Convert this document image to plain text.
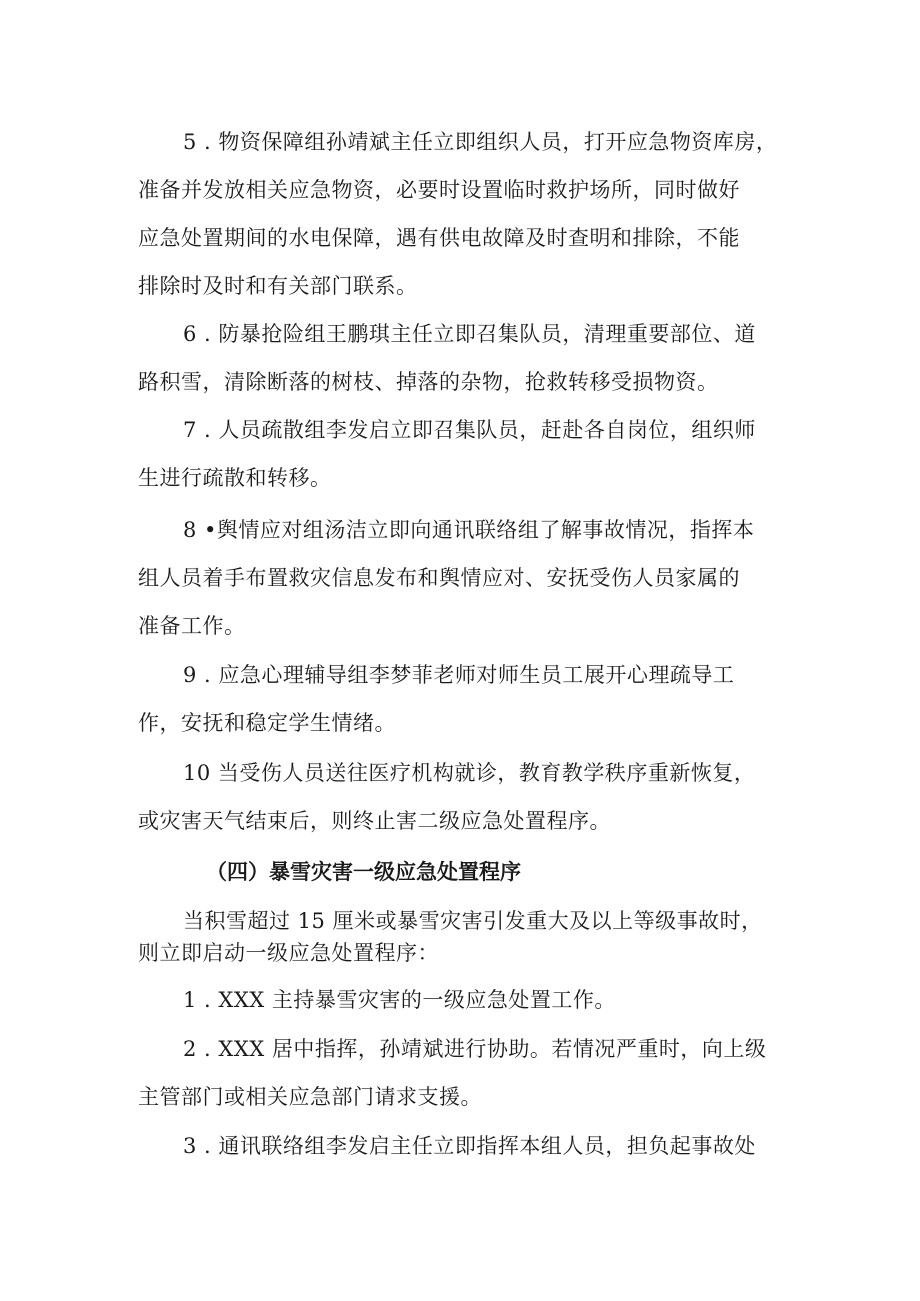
5 . 物资保障组孙靖斌主任立即组织人员，打开应急物资库房，
准备并发放相关应急物资，必要时设置临时救护场所，同时做好
应急处置期间的水电保障，遇有供电故障及时查明和排除，不能
排除时及时和有关部门联系。
6 . 防暴抢险组王鹏琪主任立即召集队员，清理重要部位、道
路积雪，清除断落的树枝、掉落的杂物，抢救转移受损物资。
7 . 人员疏散组李发启立即召集队员，赶赴各自岗位，组织师
生进行疏散和转移。
8 •舆情应对组汤洁立即向通讯联络组了解事故情况，指挥本
组人员着手布置救灾信息发布和舆情应对、安抚受伤人员家属的
准备工作。
9 . 应急心理辅导组李梦菲老师对师生员工展开心理疏导工
作，安抚和稳定学生情绪。
10 当受伤人员送往医疗机构就诊，教育教学秩序重新恢复，
或灾害天气结束后，则终止害二级应急处置程序。
（四）暴雪灾害一级应急处置程序
当积雪超过 15 厘米或暴雪灾害引发重大及以上等级事故时，
则立即启动一级应急处置程序：
1 . XXX 主持暴雪灾害的一级应急处置工作。
2 . XXX 居中指挥，孙靖斌进行协助。若情况严重时，向上级
主管部门或相关应急部门请求支援。
3 . 通讯联络组李发启主任立即指挥本组人员，担负起事故处
